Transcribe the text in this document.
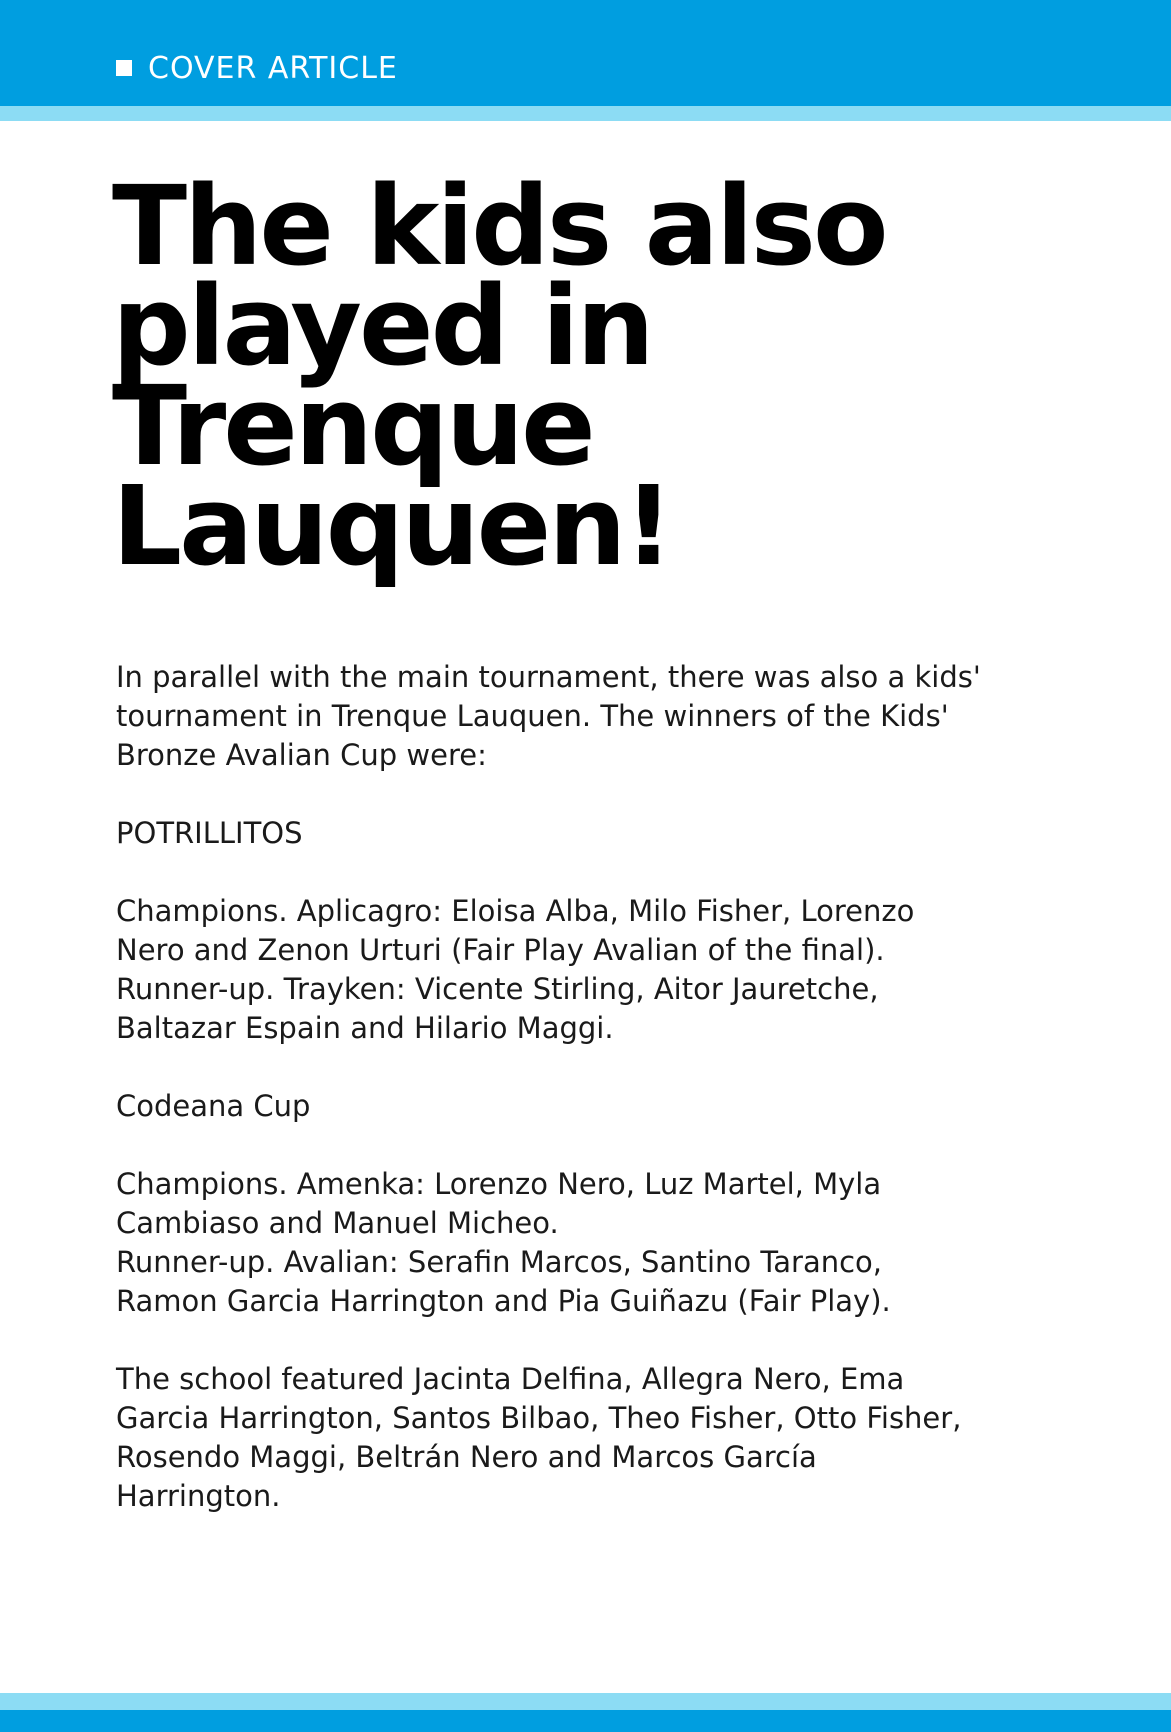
COVER ARTICLE
The kids also
played in
Trenque
Lauquen!

In parallel with the main tournament, there was also a kids'
tournament in Trenque Lauquen. The winners of the Kids'
Bronze Avalian Cup were:

POTRILLITOS

Champions. Aplicagro: Eloisa Alba, Milo Fisher, Lorenzo
Nero and Zenon Urturi (Fair Play Avalian of the final).
Runner-up. Trayken: Vicente Stirling, Aitor Jauretche,
Baltazar Espain and Hilario Maggi.

Codeana Cup

Champions. Amenka: Lorenzo Nero, Luz Martel, Myla
Cambiaso and Manuel Micheo.
Runner-up. Avalian: Serafin Marcos, Santino Taranco,
Ramon Garcia Harrington and Pia Guiñazu (Fair Play).

The school featured Jacinta Delfina, Allegra Nero, Ema
Garcia Harrington, Santos Bilbao, Theo Fisher, Otto Fisher,
Rosendo Maggi, Beltrán Nero and Marcos García
Harrington.
